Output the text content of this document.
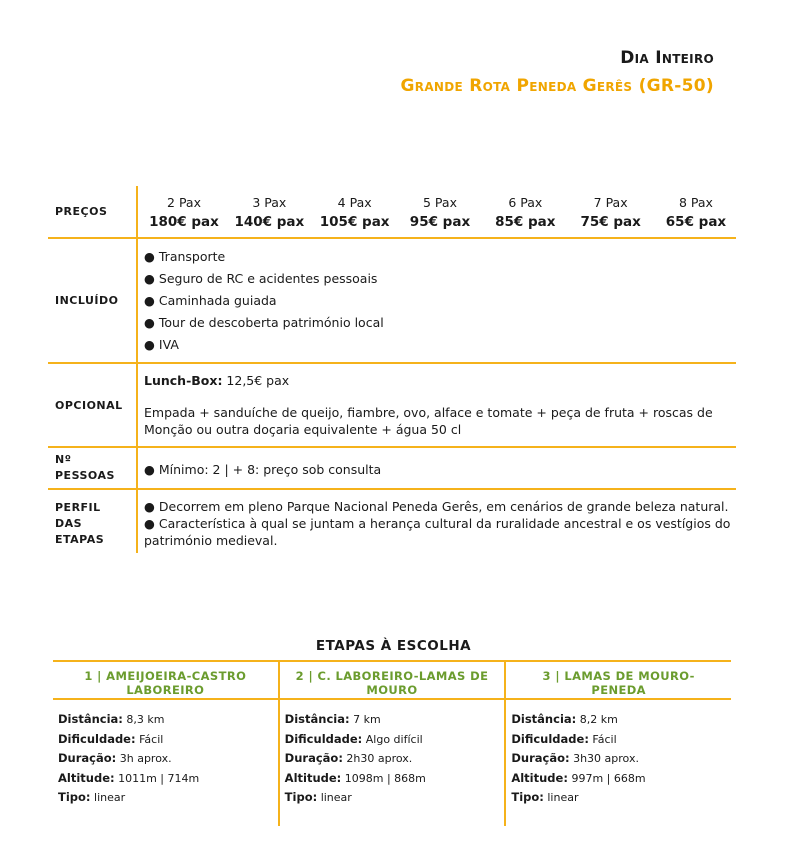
Dia Inteiro
Grande Rota Peneda Gerês (GR-50)
PREÇOS
2 Pax
180€ pax
3 Pax
140€ pax
4 Pax
105€ pax
5 Pax
95€ pax
6 Pax
85€ pax
7 Pax
75€ pax
8 Pax
65€ pax
INCLUÍDO
● Transporte
● Seguro de RC e acidentes pessoais
● Caminhada guiada
● Tour de descoberta património local
● IVA
OPCIONAL
Lunch-Box: 12,5€ pax

Empada + sanduíche de queijo, fiambre, ovo, alface e tomate + peça de fruta + roscas de Monção ou outra doçaria equivalente + água 50 cl

Nº
PESSOAS	● Mínimo: 2 | + 8: preço sob consulta
PERFIL
DAS
ETAPAS
● Decorrem em pleno Parque Nacional Peneda Gerês, em cenários de grande beleza natural.
● Característica à qual se juntam a herança cultural da ruralidade ancestral e os vestígios do património medieval.
ETAPAS À ESCOLHA
1 | AMEIJOEIRA-CASTRO LABOREIRO
Distância: 8,3 km
Dificuldade: Fácil
Duração: 3h aprox.
Altitude: 1011m | 714m
Tipo: linear
2 | C. LABOREIRO-LAMAS DE MOURO
Distância: 7 km
Dificuldade: Algo difícil
Duração: 2h30 aprox.
Altitude: 1098m | 868m
Tipo: linear
3 | LAMAS DE MOURO-PENEDA
Distância: 8,2 km
Dificuldade: Fácil
Duração: 3h30 aprox.
Altitude: 997m | 668m
Tipo: linear
